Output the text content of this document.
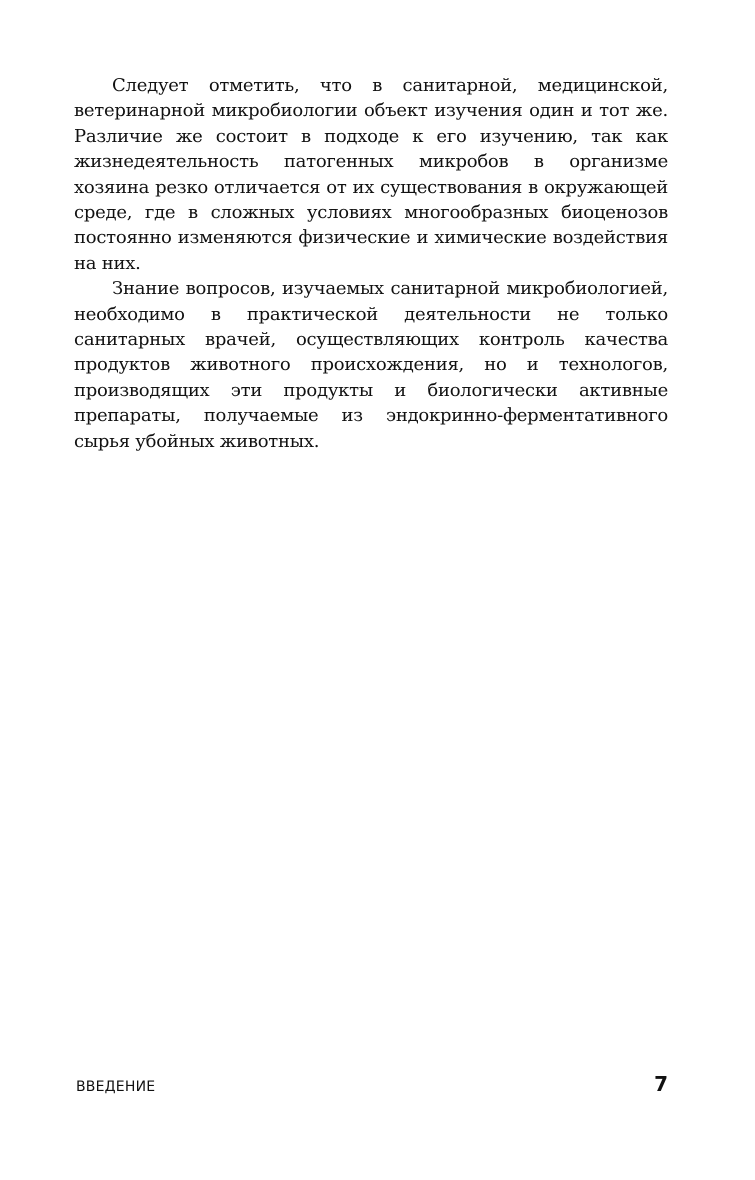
Следует отметить, что в санитарной, медицинской, ветеринарной микробиологии объект изучения один и тот же. Различие же состоит в подходе к его изучению, так как жизнедеятельность патогенных микробов в организме хозяина резко отличается от их существования в окружающей среде, где в сложных условиях многообразных биоценозов постоянно изменяются физические и химические воздействия на них.

Знание вопросов, изучаемых санитарной микробиологией, необходимо в практической деятельности не только санитарных врачей, осуществляющих контроль качества продуктов животного происхождения, но и технологов, производящих эти продукты и биологически активные препараты, получаемые из эндокринно-ферментативного сырья убойных животных.

ВВЕДЕНИЕ	7
